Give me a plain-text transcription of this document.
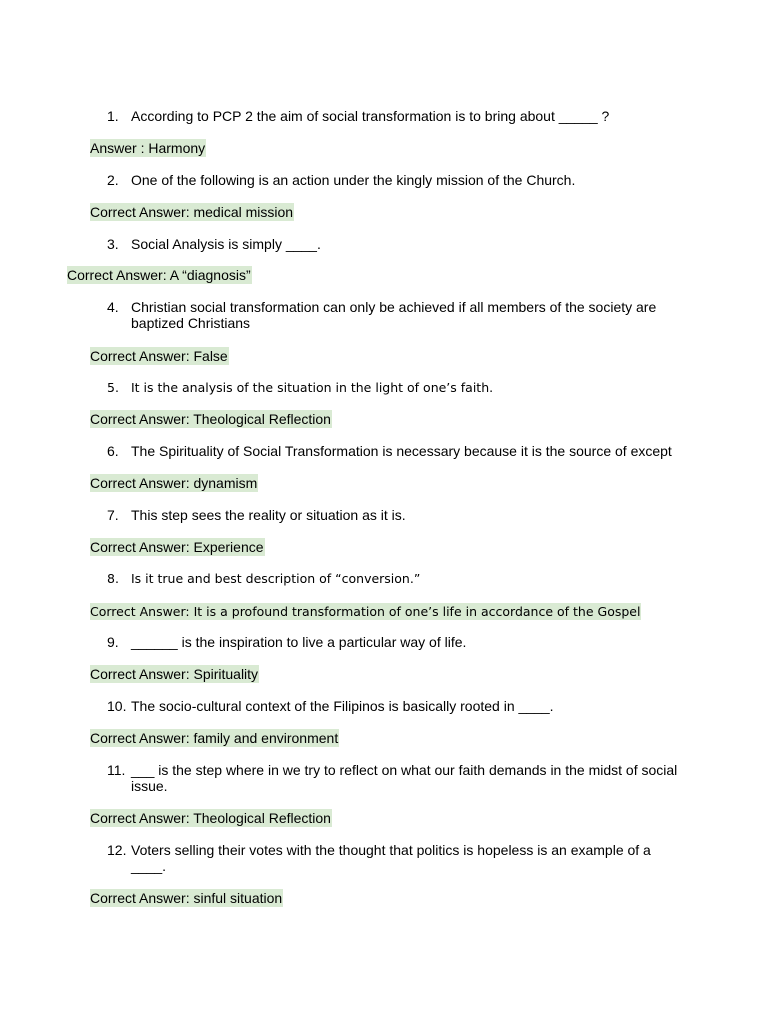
1. According to PCP 2 the aim of social transformation is to bring about _____ ?
Answer : Harmony
2. One of the following is an action under the kingly mission of the Church.
Correct Answer: medical mission
3. Social Analysis is simply ____.
Correct Answer: A “diagnosis”
4. Christian social transformation can only be achieved if all members of the society are
baptized Christians
Correct Answer: False
5. It is the analysis of the situation in the light of one’s faith.
Correct Answer: Theological Reflection
6. The Spirituality of Social Transformation is necessary because it is the source of except
Correct Answer: dynamism
7. This step sees the reality or situation as it is.
Correct Answer: Experience
8. Is it true and best description of “conversion.”
Correct Answer: It is a profound transformation of one’s life in accordance of the Gospel
9. ______ is the inspiration to live a particular way of life.
Correct Answer: Spirituality
10. The socio-cultural context of the Filipinos is basically rooted in ____.
Correct Answer: family and environment
11. ___ is the step where in we try to reflect on what our faith demands in the midst of social
issue.
Correct Answer: Theological Reflection
12. Voters selling their votes with the thought that politics is hopeless is an example of a
____.
Correct Answer: sinful situation
